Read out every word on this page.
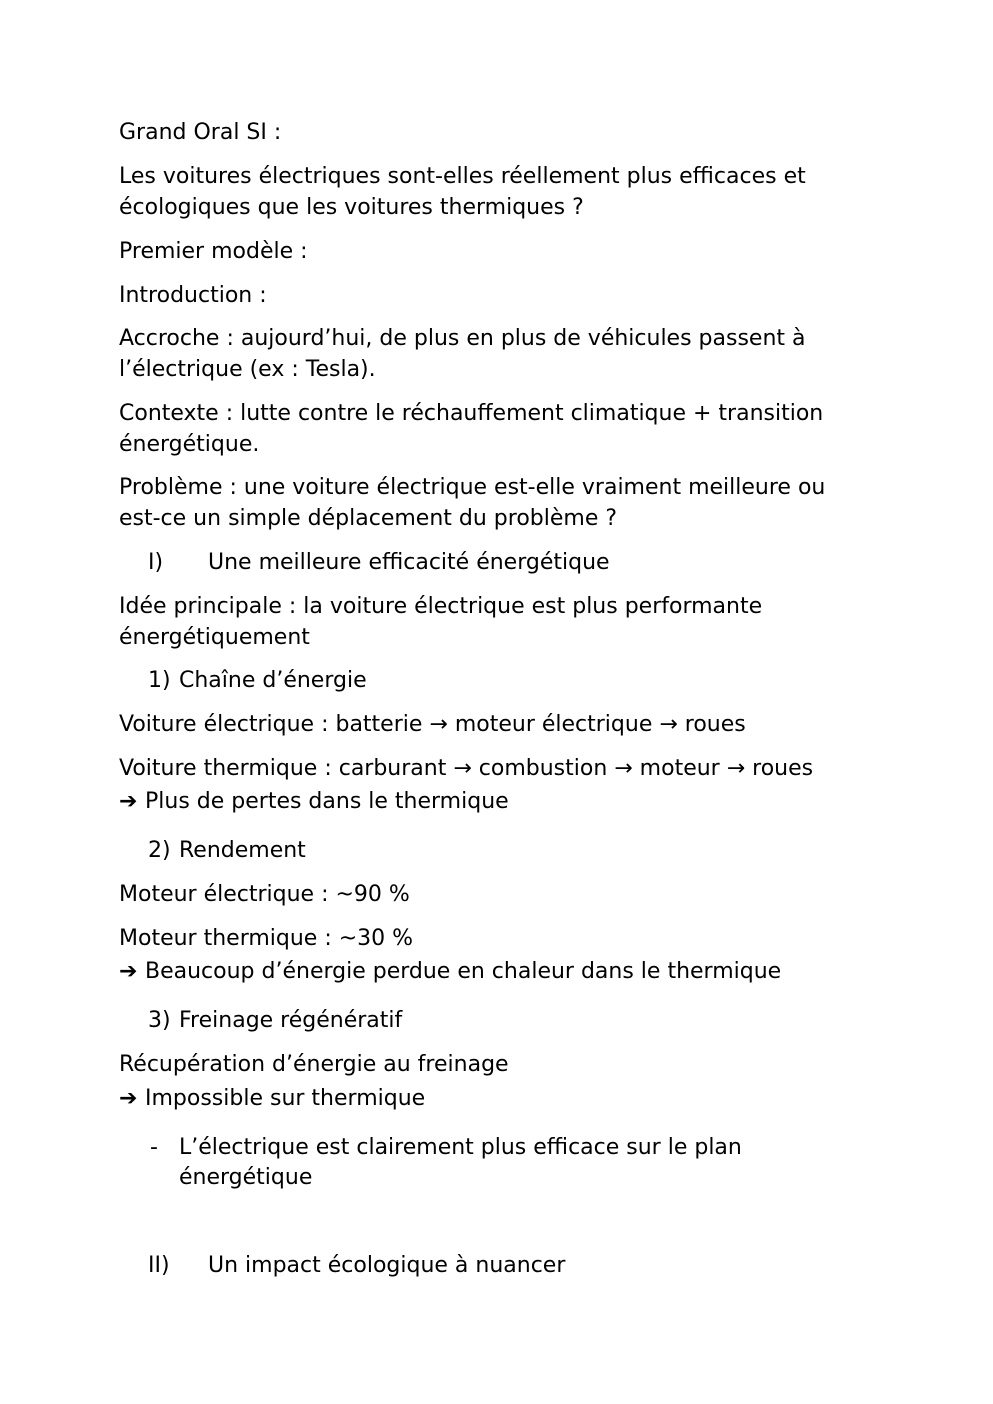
Grand Oral SI :
Les voitures électriques sont-elles réellement plus efficaces et
écologiques que les voitures thermiques ?
Premier modèle :
Introduction :
Accroche : aujourd’hui, de plus en plus de véhicules passent à
l’électrique (ex : Tesla).
Contexte : lutte contre le réchauffement climatique + transition
énergétique.
Problème : une voiture électrique est-elle vraiment meilleure ou
est-ce un simple déplacement du problème ?
I) Une meilleure efficacité énergétique
Idée principale : la voiture électrique est plus performante
énergétiquement
1) Chaîne d’énergie
Voiture électrique : batterie → moteur électrique → roues
Voiture thermique : carburant → combustion → moteur → roues
➔ Plus de pertes dans le thermique
2) Rendement
Moteur électrique : ~90 %
Moteur thermique : ~30 %
➔ Beaucoup d’énergie perdue en chaleur dans le thermique
3) Freinage régénératif
Récupération d’énergie au freinage
➔ Impossible sur thermique
- L’électrique est clairement plus efficace sur le plan
énergétique
II) Un impact écologique à nuancer
